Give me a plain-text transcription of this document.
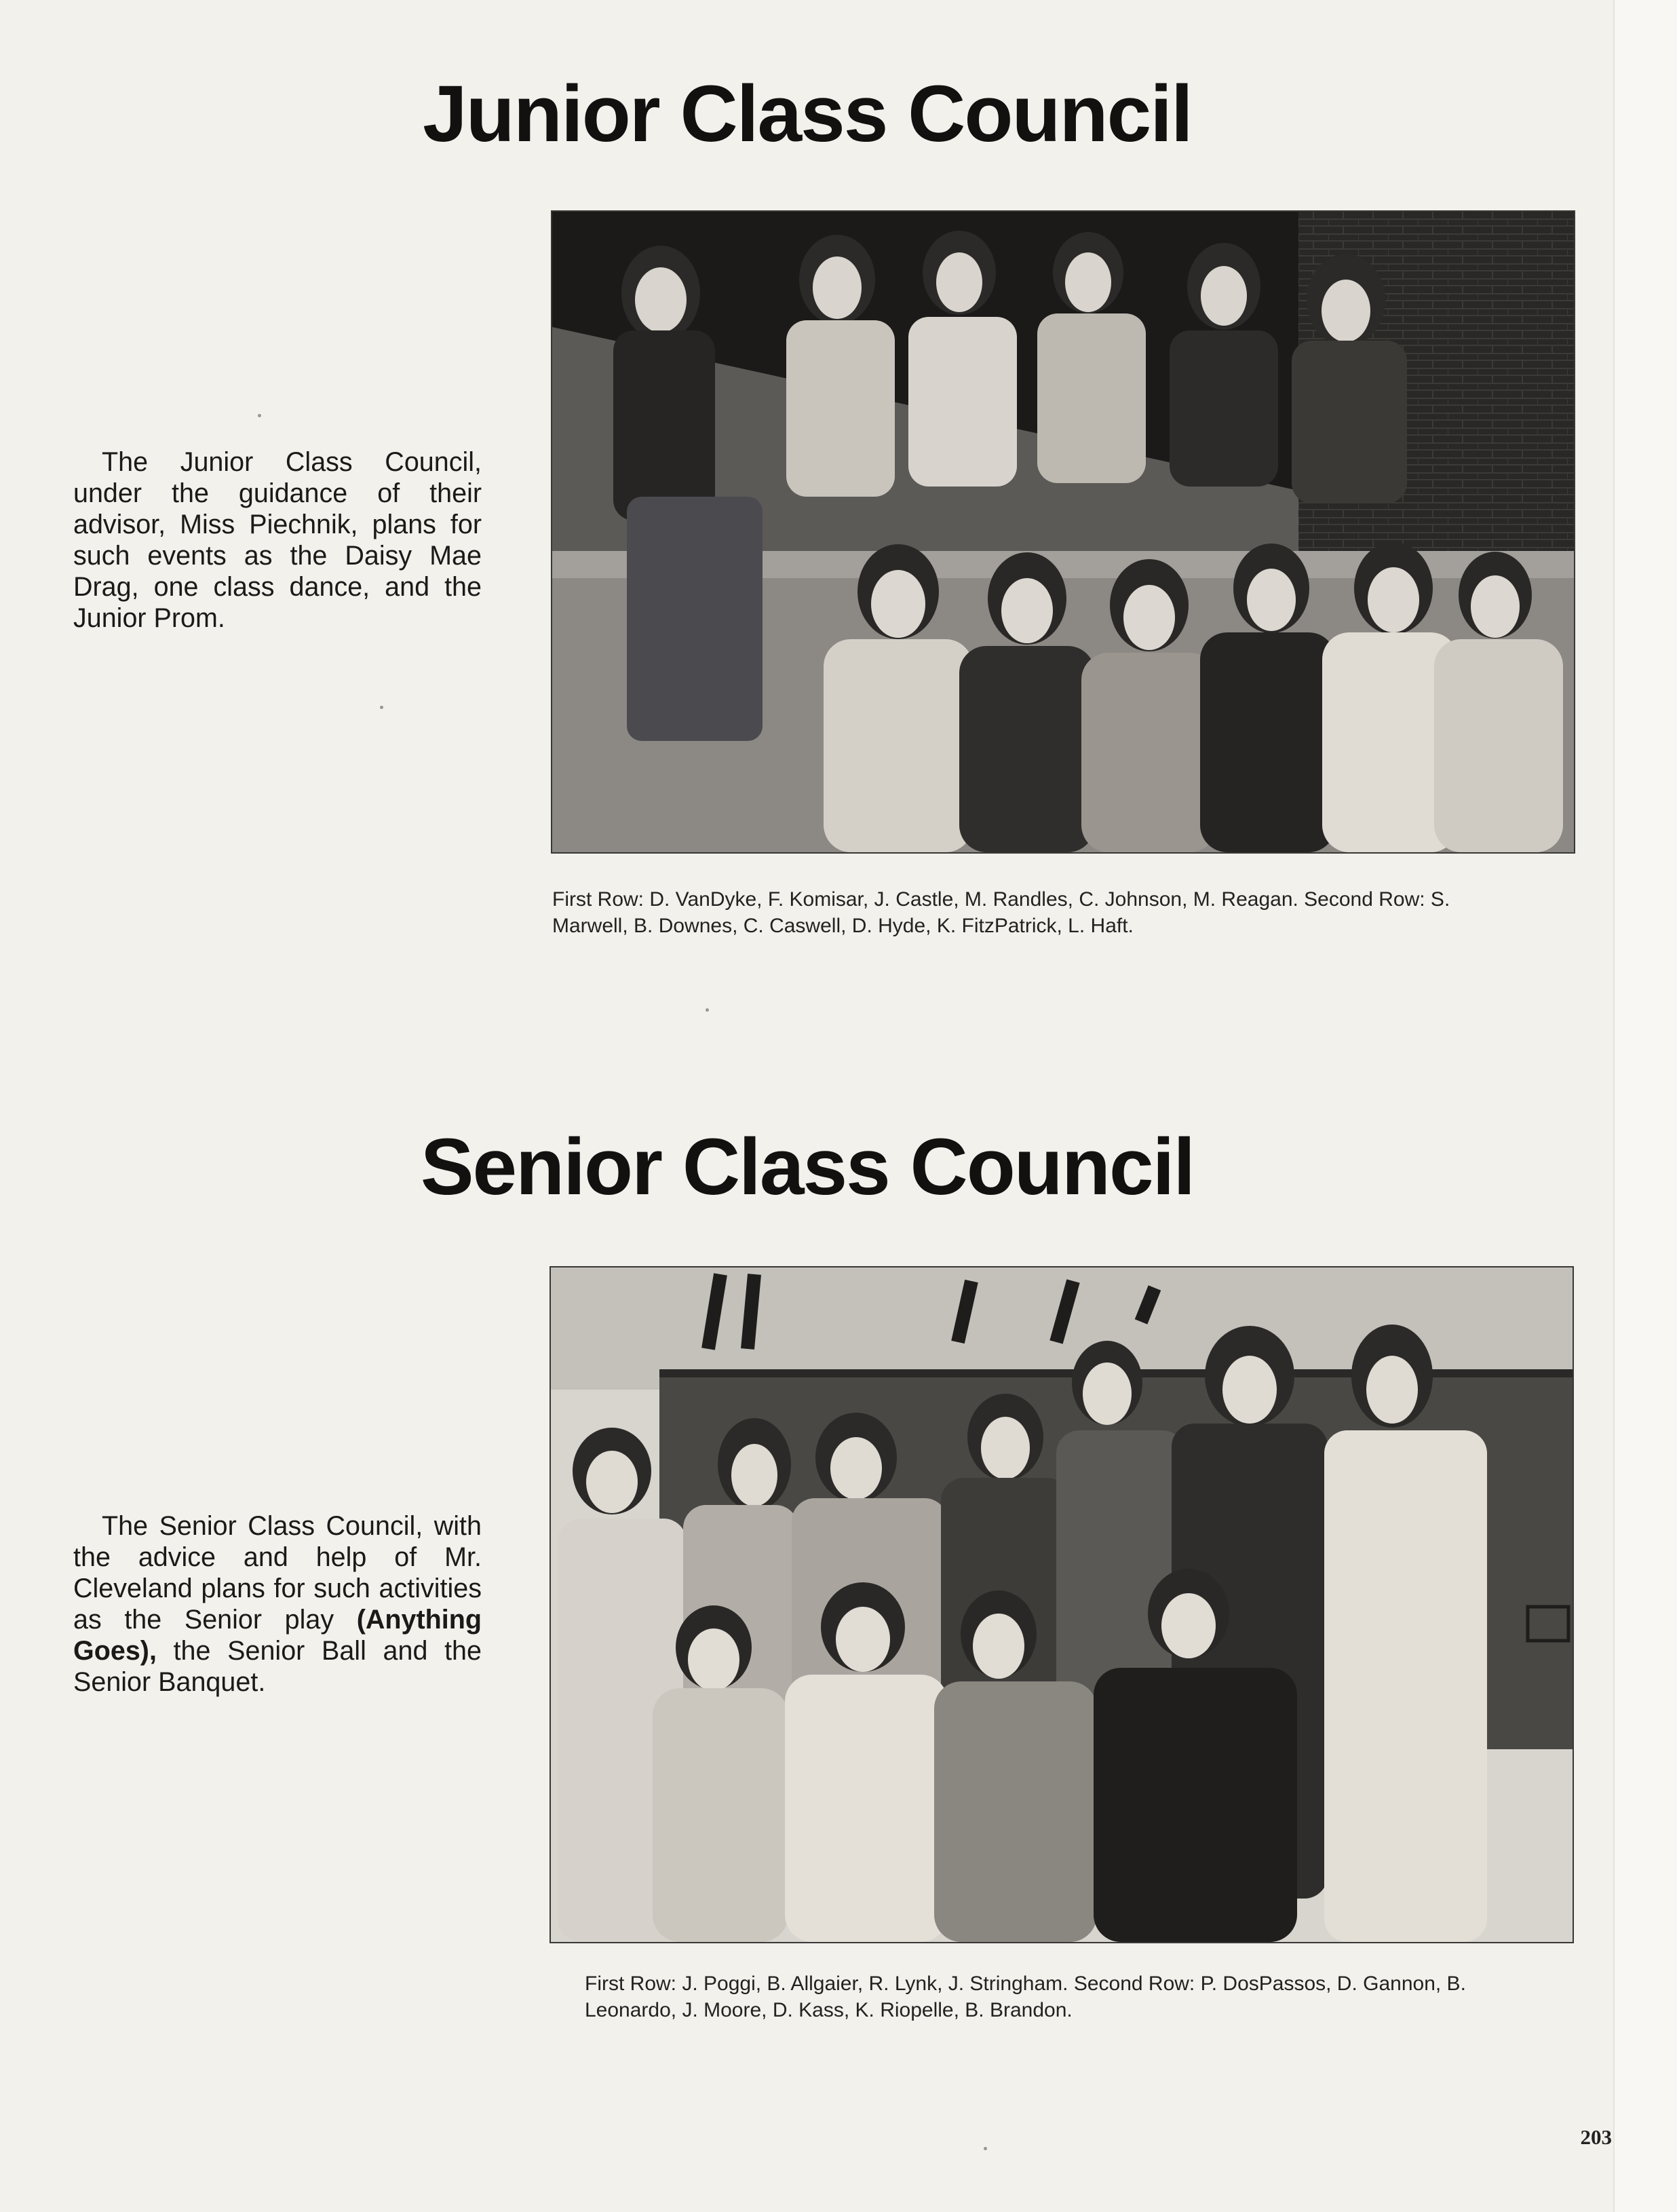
Junior Class Council

The Junior Class Council, under the guidance of their advisor, Miss Piechnik, plans for such events as the Daisy Mae Drag, one class dance, and the Junior Prom.

First Row: D. VanDyke, F. Komisar, J. Castle, M. Randles, C. Johnson, M. Reagan. Second Row: S. Marwell, B. Downes, C. Caswell, D. Hyde, K. FitzPatrick, L. Haft.

Senior Class Council

The Senior Class Council, with the advice and help of Mr. Cleveland plans for such activities as the Senior play (Anything Goes), the Senior Ball and the Senior Banquet.

First Row: J. Poggi, B. Allgaier, R. Lynk, J. Stringham. Second Row: P. DosPassos, D. Gannon, B. Leonardo, J. Moore, D. Kass, K. Riopelle, B. Brandon.

203
